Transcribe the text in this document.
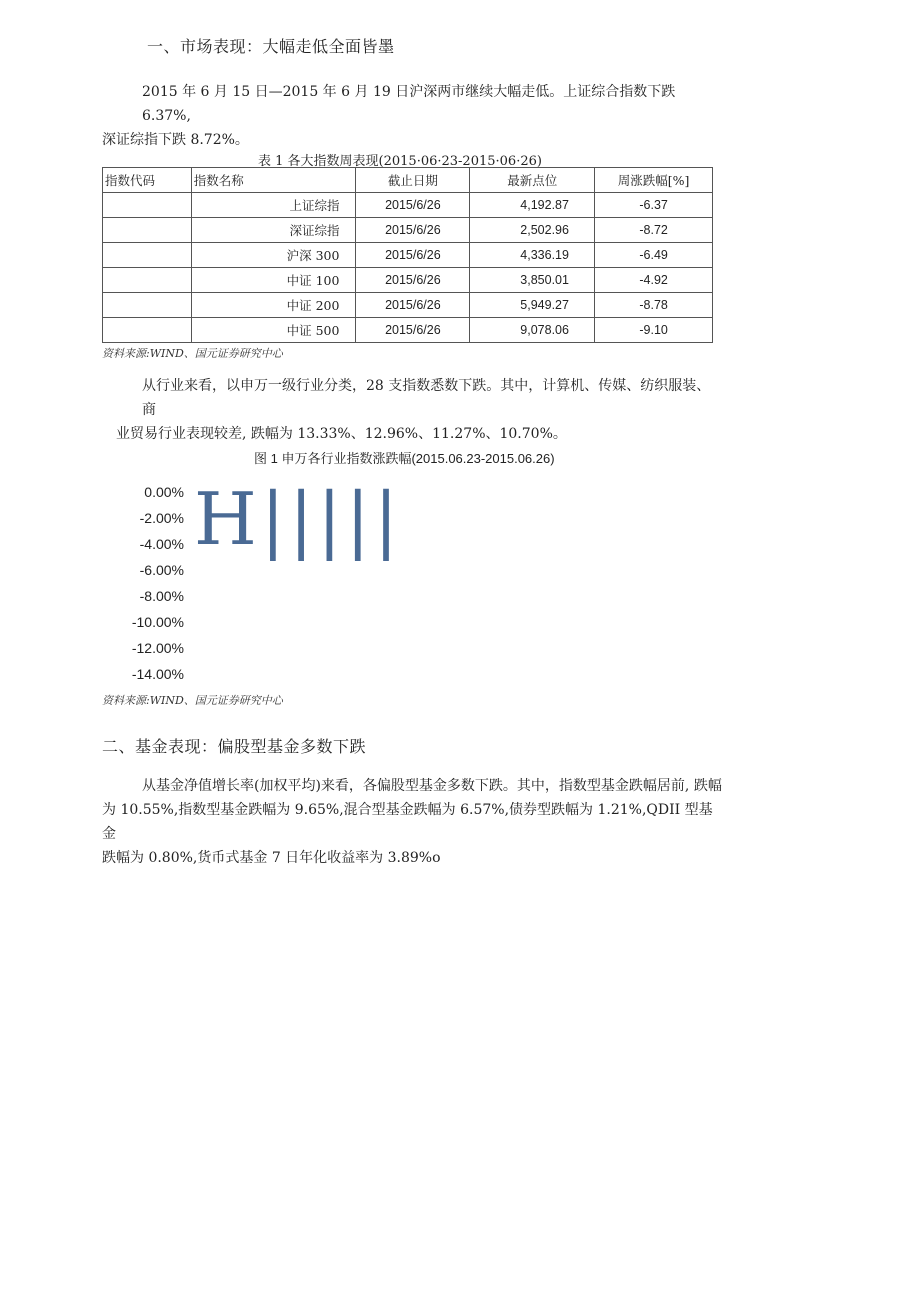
一、市场表现：大幅走低全面皆墨
2015 年 6 月 15 日—2015 年 6 月 19 日沪深两市继续大幅走低。上证综合指数下跌 6.37%,
深证综指下跌 8.72%。
表 1 各大指数周表现(2015·06·23-2015·06·26)
指数代码	指数名称	截止日期	最新点位	周涨跌幅[%]
	上证综指	2015/6/26	4,192.87	-6.37
	深证综指	2015/6/26	2,502.96	-8.72
	沪深 300	2015/6/26	4,336.19	-6.49
	中证 100	2015/6/26	3,850.01	-4.92
	中证 200	2015/6/26	5,949.27	-8.78
	中证 500	2015/6/26	9,078.06	-9.10
资料来源:WIND、国元证券研究中心
从行业来看，以申万一级行业分类，28 支指数悉数下跌。其中，计算机、传媒、纺织服装、商
业贸易行业表现较差, 跌幅为 13.33%、12.96%、11.27%、10.70%。
图 1 申万各行业指数涨跌幅(2015.06.23-2015.06.26)
0.00%
-2.00%
-4.00%
-6.00%
-8.00%
-10.00%
-12.00%
-14.00%
H|||||
资料来源:WIND、国元证券研究中心
二、基金表现：偏股型基金多数下跌
从基金净值增长率(加权平均)来看，各偏股型基金多数下跌。其中，指数型基金跌幅居前, 跌幅
为 10.55%,指数型基金跌幅为 9.65%,混合型基金跌幅为 6.57%,债券型跌幅为 1.21%,QDII 型基金
跌幅为 0.80%,货币式基金 7 日年化收益率为 3.89%o
